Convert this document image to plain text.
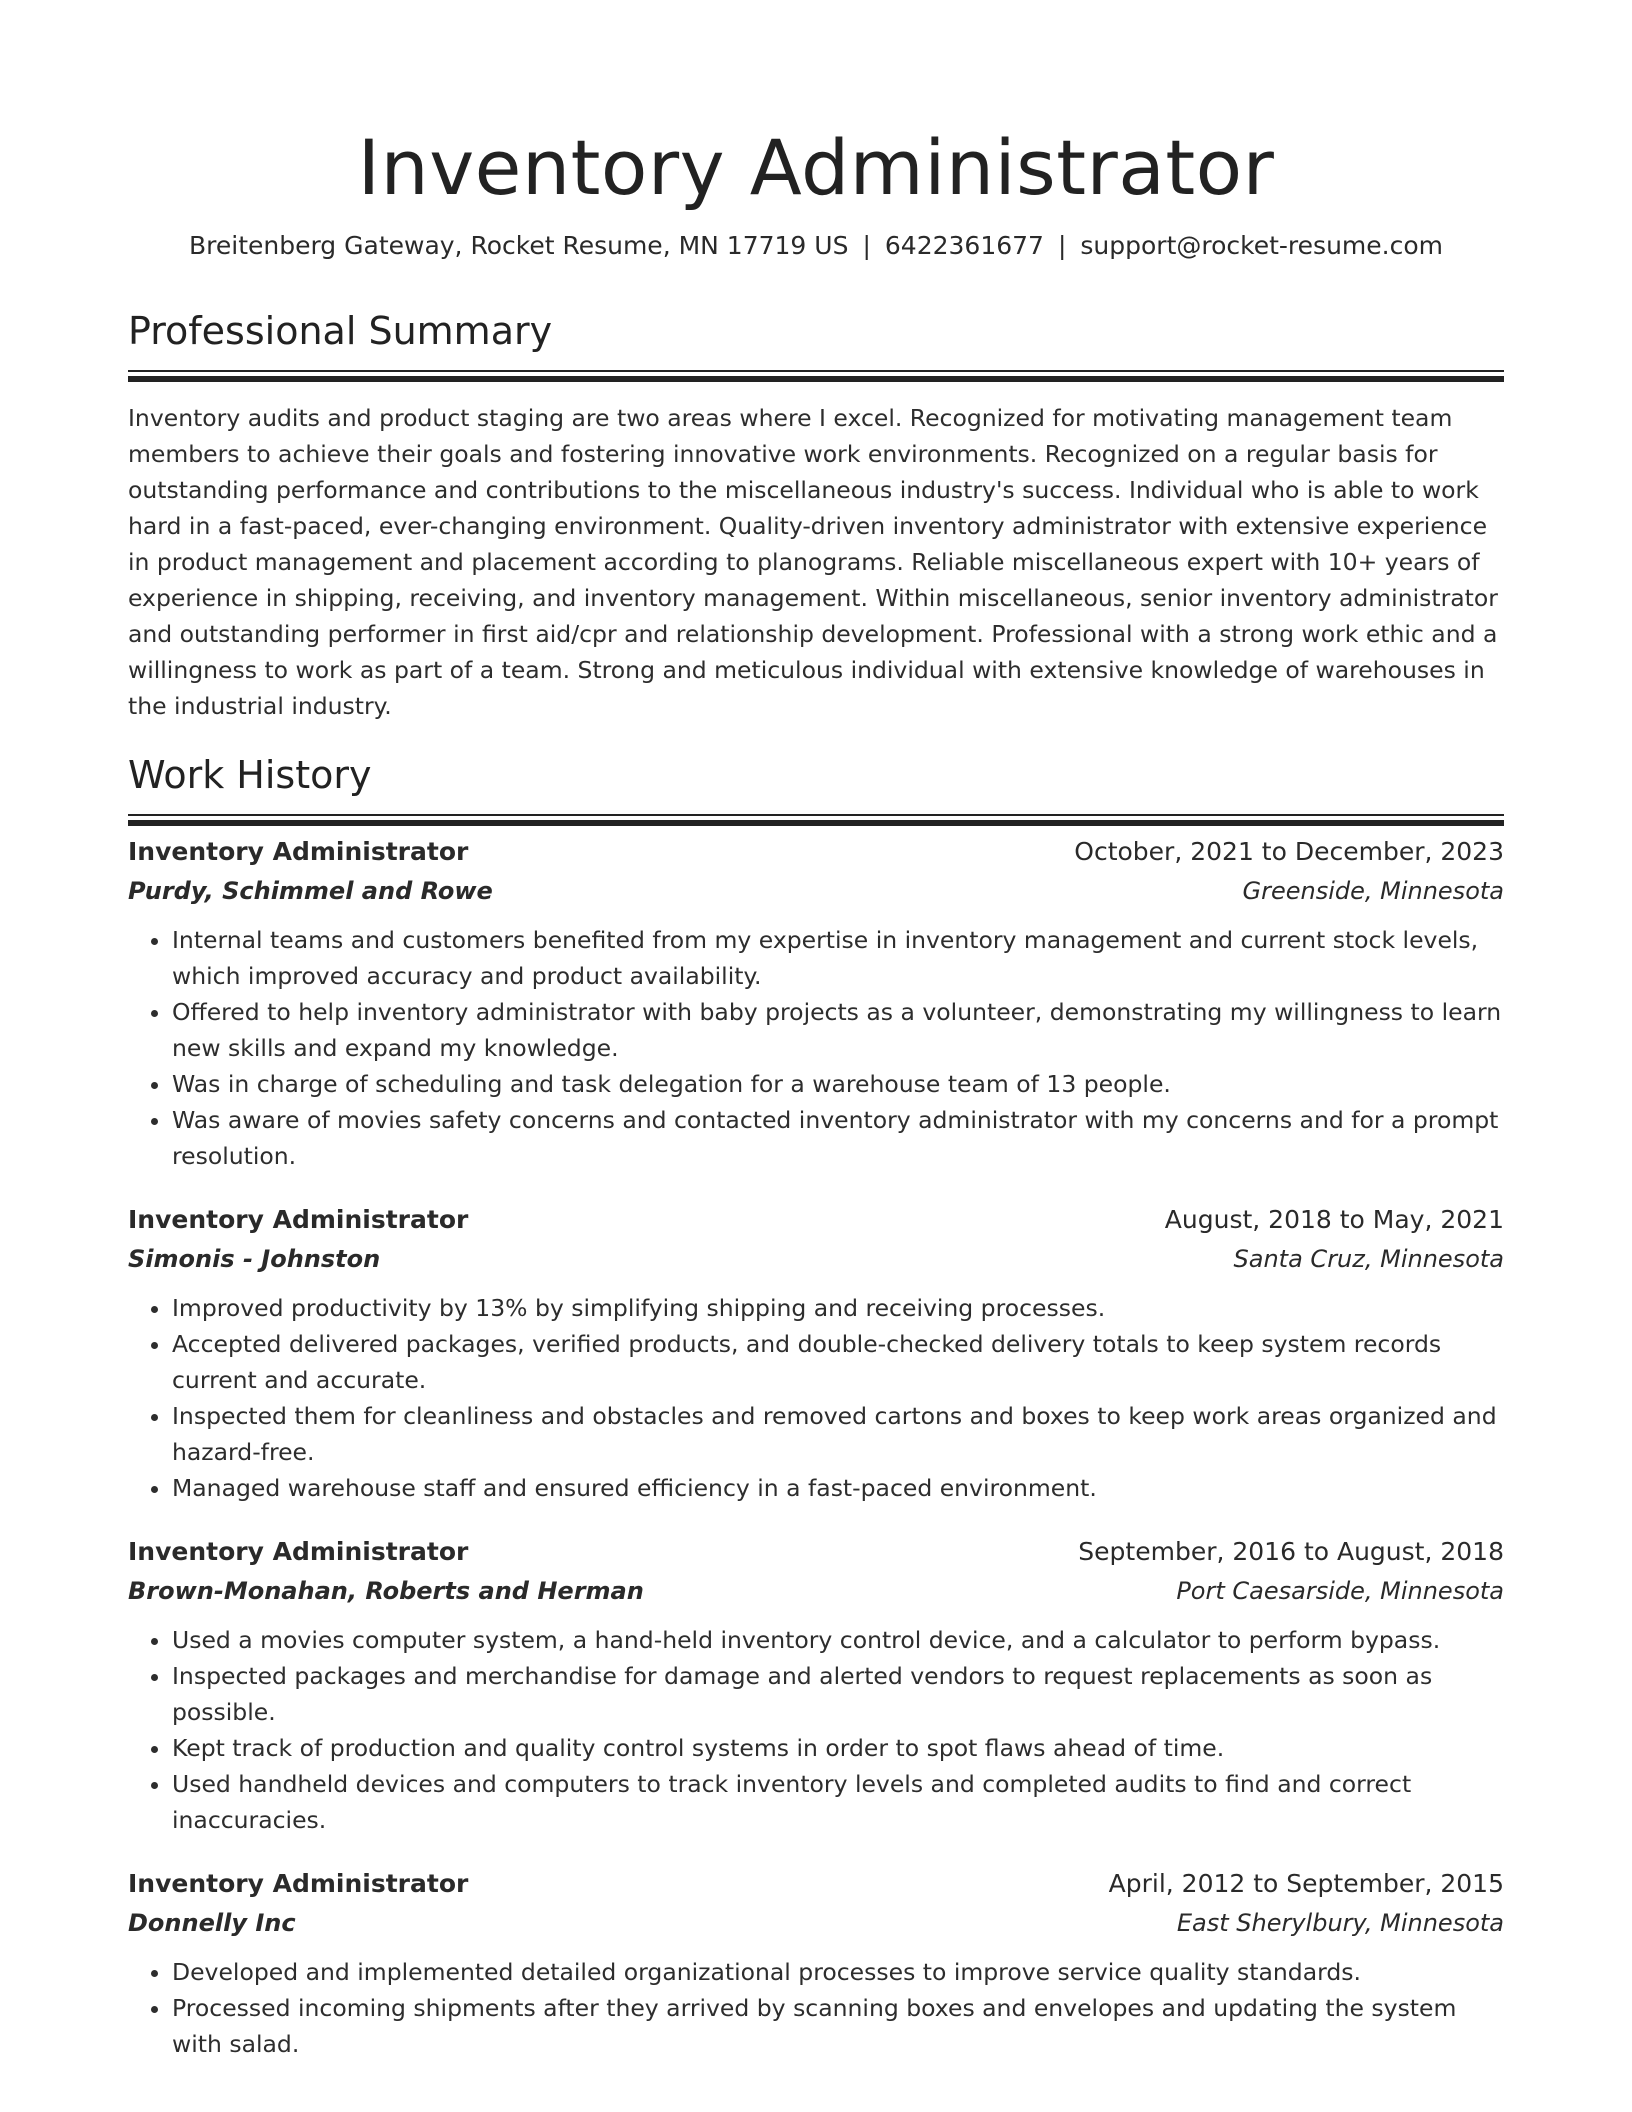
Inventory Administrator
Breitenberg Gateway, Rocket Resume, MN 17719 US | 6422361677 | support@rocket-resume.com
Professional Summary

Inventory audits and product staging are two areas where I excel. Recognized for motivating management team members to achieve their goals and fostering innovative work environments. Recognized on a regular basis for outstanding performance and contributions to the miscellaneous industry's success. Individual who is able to work hard in a fast-paced, ever-changing environment. Quality-driven inventory administrator with extensive experience in product management and placement according to planograms. Reliable miscellaneous expert with 10+ years of experience in shipping, receiving, and inventory management. Within miscellaneous, senior inventory administrator and outstanding performer in first aid/cpr and relationship development. Professional with a strong work ethic and a willingness to work as part of a team. Strong and meticulous individual with extensive knowledge of warehouses in the industrial industry.

Work History
Inventory Administrator	October, 2021 to December, 2023
Purdy, Schimmel and Rowe	Greenside, Minnesota
• Internal teams and customers benefited from my expertise in inventory management and current stock levels, which improved accuracy and product availability.
• Offered to help inventory administrator with baby projects as a volunteer, demonstrating my willingness to learn new skills and expand my knowledge.
• Was in charge of scheduling and task delegation for a warehouse team of 13 people.
• Was aware of movies safety concerns and contacted inventory administrator with my concerns and for a prompt resolution.
Inventory Administrator	August, 2018 to May, 2021
Simonis - Johnston	Santa Cruz, Minnesota
• Improved productivity by 13% by simplifying shipping and receiving processes.
• Accepted delivered packages, verified products, and double-checked delivery totals to keep system records current and accurate.
• Inspected them for cleanliness and obstacles and removed cartons and boxes to keep work areas organized and hazard-free.
• Managed warehouse staff and ensured efficiency in a fast-paced environment.
Inventory Administrator	September, 2016 to August, 2018
Brown-Monahan, Roberts and Herman	Port Caesarside, Minnesota
• Used a movies computer system, a hand-held inventory control device, and a calculator to perform bypass.
• Inspected packages and merchandise for damage and alerted vendors to request replacements as soon as possible.
• Kept track of production and quality control systems in order to spot flaws ahead of time.
• Used handheld devices and computers to track inventory levels and completed audits to find and correct inaccuracies.
Inventory Administrator	April, 2012 to September, 2015
Donnelly Inc	East Sherylbury, Minnesota
• Developed and implemented detailed organizational processes to improve service quality standards.
• Processed incoming shipments after they arrived by scanning boxes and envelopes and updating the system with salad.
